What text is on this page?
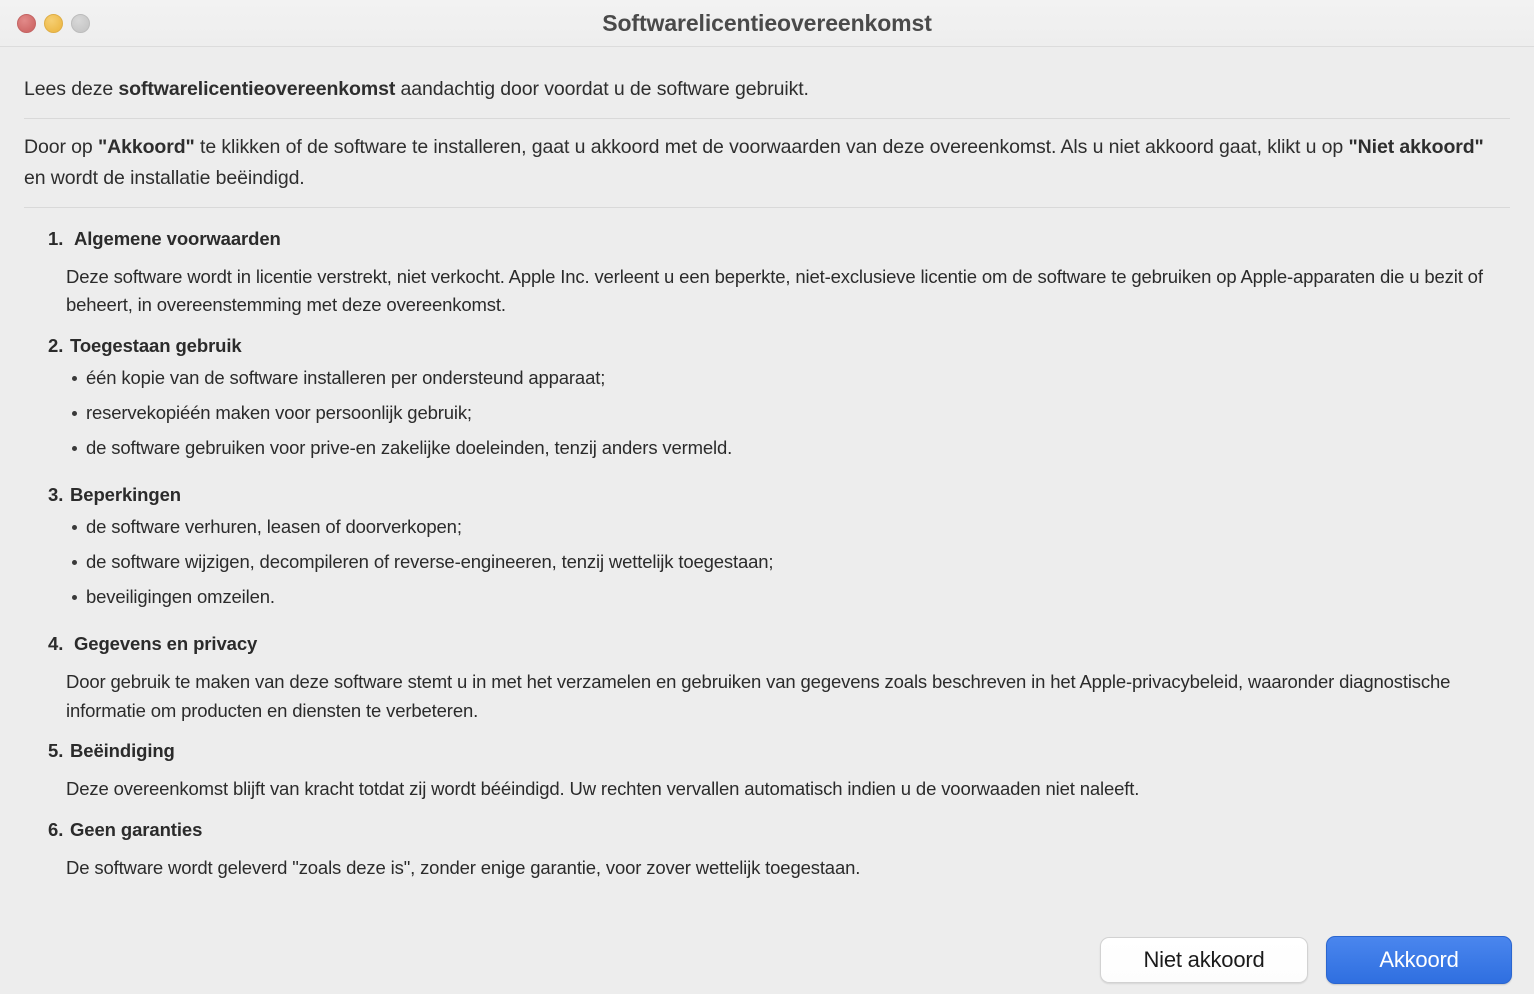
Softwarelicentieovereenkomst
Lees deze softwarelicentieovereenkomst aandachtig door voordat u de software gebruikt.
Door op "Akkoord" te klikken of de software te installeren, gaat u akkoord met de voorwaarden van deze overeenkomst. Als u niet akkoord gaat, klikt u op "Niet akkoord" en wordt de installatie beëindigd.
1. Algemene voorwaarden

Deze software wordt in licentie verstrekt, niet verkocht. Apple Inc. verleent u een beperkte, niet-exclusieve licentie om de software te gebruiken op Apple-apparaten die u bezit of beheert, in overeenstemming met deze overeenkomst.

2. Toegestaan gebruik
één kopie van de software installeren per ondersteund apparaat;
reservekopiéén maken voor persoonlijk gebruik;
de software gebruiken voor prive-en zakelijke doeleinden, tenzij anders vermeld.
3. Beperkingen
de software verhuren, leasen of doorverkopen;
de software wijzigen, decompileren of reverse-engineeren, tenzij wettelijk toegestaan;
beveiligingen omzeilen.
4. Gegevens en privacy

Door gebruik te maken van deze software stemt u in met het verzamelen en gebruiken van gegevens zoals beschreven in het Apple-privacybeleid, waaronder diagnostische informatie om producten en diensten te verbeteren.

5. Beëindiging

Deze overeenkomst blijft van kracht totdat zij wordt bééindigd. Uw rechten vervallen automatisch indien u de voorwaaden niet naleeft.

6. Geen garanties

De software wordt geleverd "zoals deze is", zonder enige garantie, voor zover wettelijk toegestaan.

Niet akkoord	Akkoord
